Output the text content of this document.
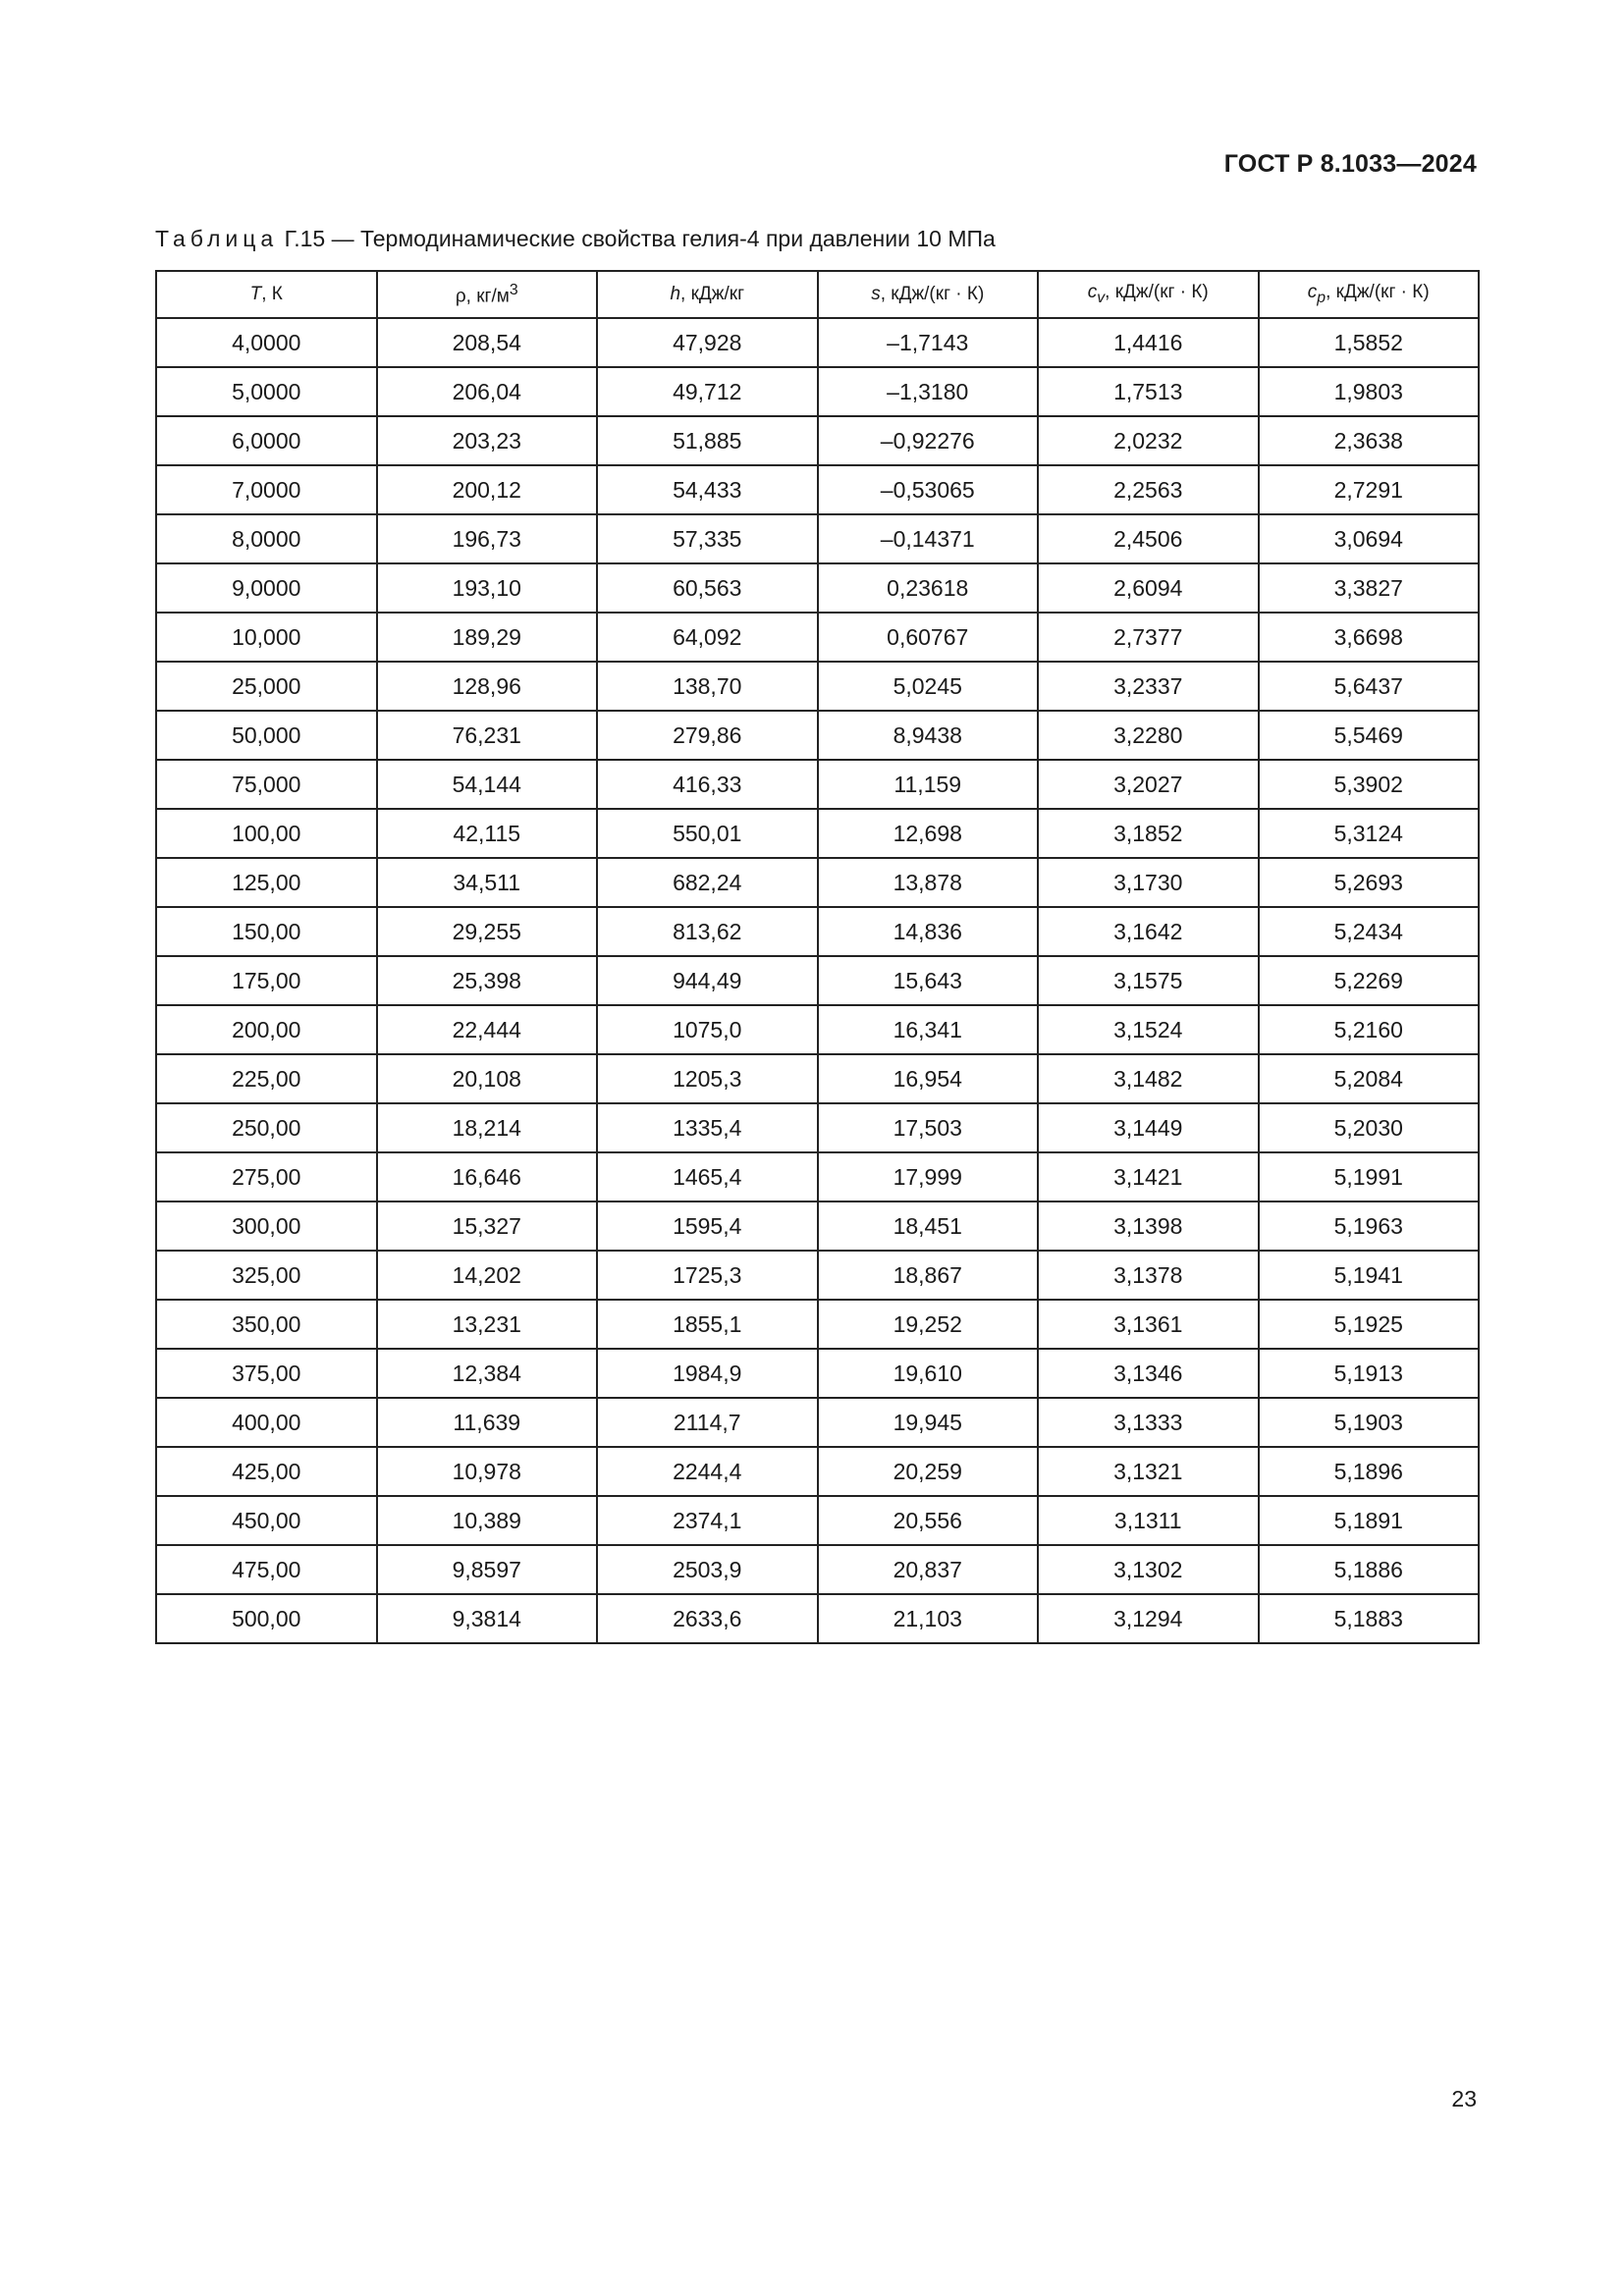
ГОСТ Р 8.1033—2024
Таблица Г.15 — Термодинамические свойства гелия-4 при давлении 10 МПа
T, К	ρ, $кг/м^3$	h, кДж/кг	s, кДж/(кг · К)	$c_v$, кДж/(кг · К)	$c_p$, кДж/(кг · К)
4,0000	208,54	47,928	–1,7143	1,4416	1,5852
5,0000	206,04	49,712	–1,3180	1,7513	1,9803
6,0000	203,23	51,885	–0,92276	2,0232	2,3638
7,0000	200,12	54,433	–0,53065	2,2563	2,7291
8,0000	196,73	57,335	–0,14371	2,4506	3,0694
9,0000	193,10	60,563	0,23618	2,6094	3,3827
10,000	189,29	64,092	0,60767	2,7377	3,6698
25,000	128,96	138,70	5,0245	3,2337	5,6437
50,000	76,231	279,86	8,9438	3,2280	5,5469
75,000	54,144	416,33	11,159	3,2027	5,3902
100,00	42,115	550,01	12,698	3,1852	5,3124
125,00	34,511	682,24	13,878	3,1730	5,2693
150,00	29,255	813,62	14,836	3,1642	5,2434
175,00	25,398	944,49	15,643	3,1575	5,2269
200,00	22,444	1075,0	16,341	3,1524	5,2160
225,00	20,108	1205,3	16,954	3,1482	5,2084
250,00	18,214	1335,4	17,503	3,1449	5,2030
275,00	16,646	1465,4	17,999	3,1421	5,1991
300,00	15,327	1595,4	18,451	3,1398	5,1963
325,00	14,202	1725,3	18,867	3,1378	5,1941
350,00	13,231	1855,1	19,252	3,1361	5,1925
375,00	12,384	1984,9	19,610	3,1346	5,1913
400,00	11,639	2114,7	19,945	3,1333	5,1903
425,00	10,978	2244,4	20,259	3,1321	5,1896
450,00	10,389	2374,1	20,556	3,1311	5,1891
475,00	9,8597	2503,9	20,837	3,1302	5,1886
500,00	9,3814	2633,6	21,103	3,1294	5,1883
23
